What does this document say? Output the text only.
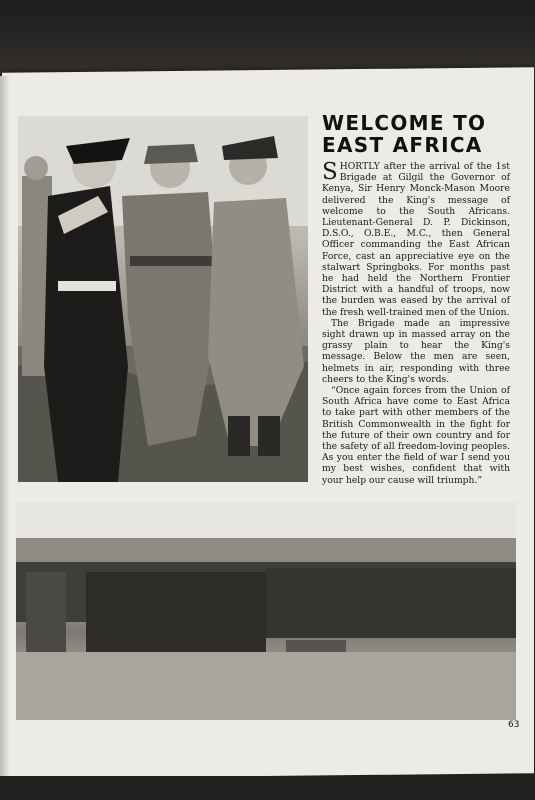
WELCOME TO EAST AFRICA

SHORTLY after the arrival of the 1st Brigade at Gilgil the Governor of Kenya, Sir Henry Monck-Mason Moore delivered the King's message of welcome to the South Africans. Lieutenant-General D. P. Dickinson, D.S.O., O.B.E., M.C., then General Officer commanding the East African Force, cast an appreciative eye on the stalwart Springboks. For months past he had held the Northern Frontier District with a handful of troops, now the burden was eased by the arrival of the fresh well-trained men of the Union.

The Brigade made an impressive sight drawn up in massed array on the grassy plain to hear the King's message. Below the men are seen, helmets in air, responding with three cheers to the King's words.

“Once again forces from the Union of South Africa have come to East Africa to take part with other members of the British Commonwealth in the fight for the future of their own country and for the safety of all freedom-loving peoples. As you enter the field of war I send you my best wishes, confident that with your help our cause will triumph.”

63
